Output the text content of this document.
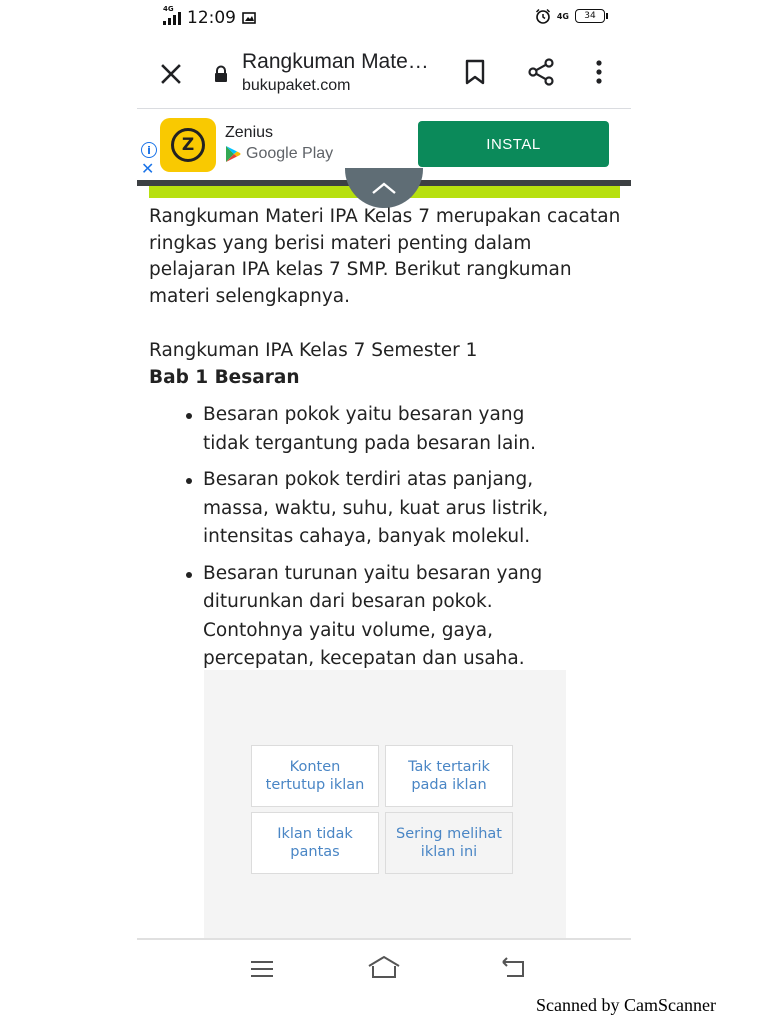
4G 12:09	4G	34
Rangkuman Mate…
bukupaket.com
i
✕
Z
Zenius
Google Play
INSTAL

Rangkuman Materi IPA Kelas 7 merupakan cacatan ringkas yang berisi materi penting dalam pelajaran IPA kelas 7 SMP. Berikut rangkuman materi selengkapnya.

Rangkuman IPA Kelas 7 Semester 1

Bab 1 Besaran

Besaran pokok yaitu besaran yang tidak tergantung pada besaran lain.
Besaran pokok terdiri atas panjang, massa, waktu, suhu, kuat arus listrik, intensitas cahaya, banyak molekul.
Besaran turunan yaitu besaran yang diturunkan dari besaran pokok. Contohnya yaitu volume, gaya, percepatan, kecepatan dan usaha.
Konten tertutup iklan
Tak tertarik pada iklan
Iklan tidak pantas
Sering melihat iklan ini
Scanned by CamScanner
